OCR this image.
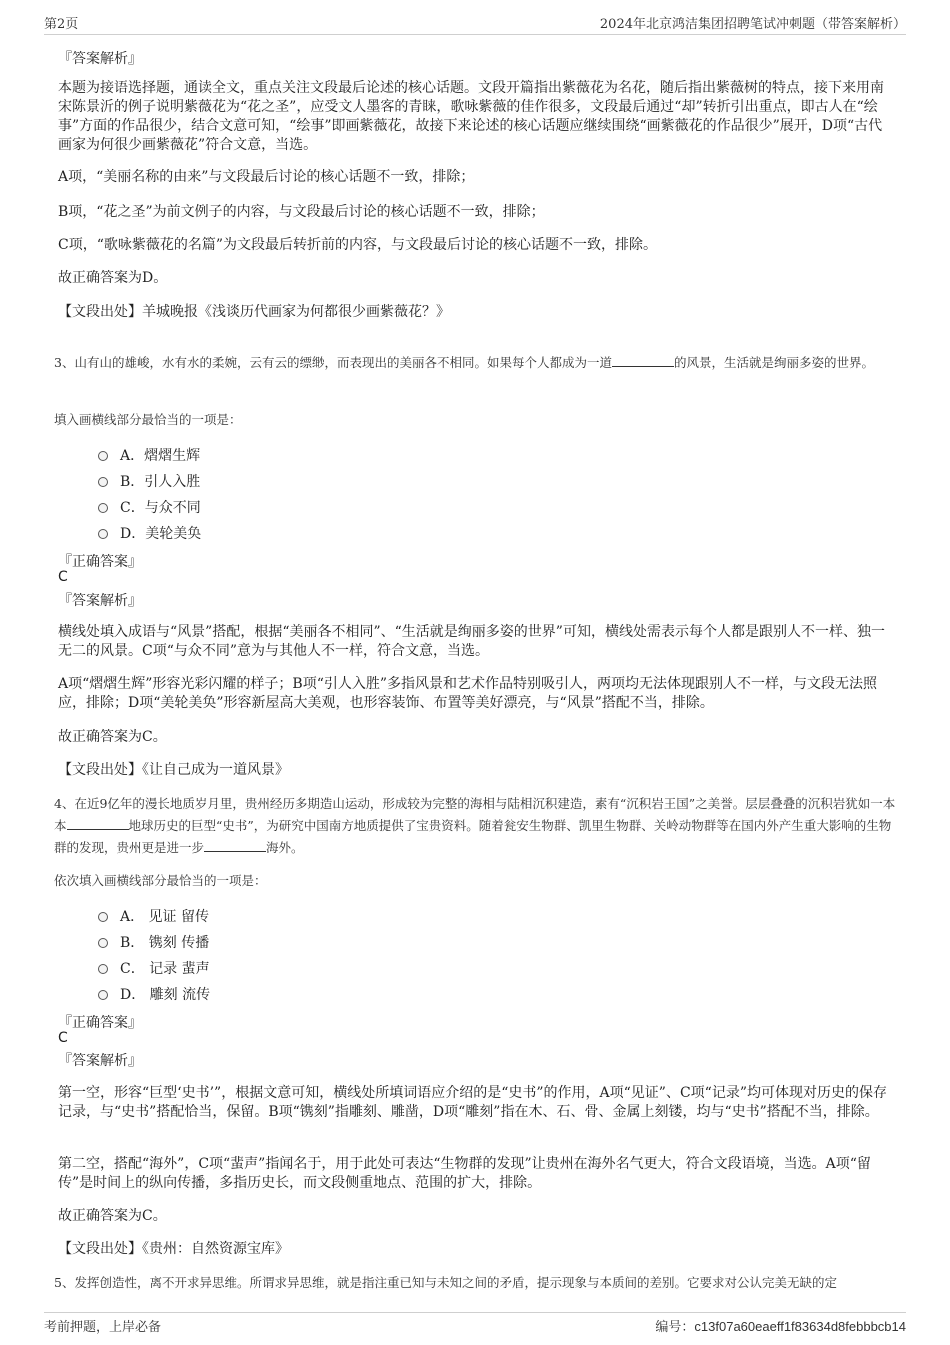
第2页	2024年北京鸿洁集团招聘笔试冲刺题（带答案解析）
『答案解析』
本题为接语选择题，通读全文，重点关注文段最后论述的核心话题。文段开篇指出紫薇花为名花，随后指出紫薇树的特点，接下来用南宋陈景沂的例子说明紫薇花为“花之圣”，应受文人墨客的青睐，歌咏紫薇的佳作很多，文段最后通过“却”转折引出重点，即古人在“绘事”方面的作品很少，结合文意可知，“绘事”即画紫薇花，故接下来论述的核心话题应继续围绕“画紫薇花的作品很少”展开，D项“古代画家为何很少画紫薇花”符合文意，当选。
A项，“美丽名称的由来”与文段最后讨论的核心话题不一致，排除；
B项，“花之圣”为前文例子的内容，与文段最后讨论的核心话题不一致，排除；
C项，“歌咏紫薇花的名篇”为文段最后转折前的内容，与文段最后讨论的核心话题不一致，排除。
故正确答案为D。
【文段出处】羊城晚报《浅谈历代画家为何都很少画紫薇花？》
3、山有山的雄峻，水有水的柔婉，云有云的缥缈，而表现出的美丽各不相同。如果每个人都成为一道	的风景，生活就是绚丽多姿的世界。
填入画横线部分最恰当的一项是：
A．熠熠生辉
B．引人入胜
C．与众不同
D．美轮美奂
『正确答案』
C
『答案解析』
横线处填入成语与“风景”搭配，根据“美丽各不相同”、“生活就是绚丽多姿的世界”可知，横线处需表示每个人都是跟别人不一样、独一无二的风景。C项“与众不同”意为与其他人不一样，符合文意，当选。
A项“熠熠生辉”形容光彩闪耀的样子；B项“引人入胜”多指风景和艺术作品特别吸引人，两项均无法体现跟别人不一样，与文段无法照应，排除；D项“美轮美奂”形容新屋高大美观，也形容装饰、布置等美好漂亮，与“风景”搭配不当，排除。
故正确答案为C。
【文段出处】《让自己成为一道风景》
4、在近9亿年的漫长地质岁月里，贵州经历多期造山运动，形成较为完整的海相与陆相沉积建造，素有“沉积岩王国”之美誉。层层叠叠的沉积岩犹如一本本	地球历史的巨型“史书”，为研究中国南方地质提供了宝贵资料。随着瓮安生物群、凯里生物群、关岭动物群等在国内外产生重大影响的生物群的发现，贵州更是进一步	海外。
依次填入画横线部分最恰当的一项是：
A． 见证 留传
B． 镌刻 传播
C． 记录 蜚声
D． 雕刻 流传
『正确答案』
C
『答案解析』
第一空，形容“巨型‘史书’”，根据文意可知，横线处所填词语应介绍的是“史书”的作用，A项“见证”、C项“记录”均可体现对历史的保存记录，与“史书”搭配恰当，保留。B项“镌刻”指雕刻、雕凿，D项“雕刻”指在木、石、骨、金属上刻镂，均与“史书”搭配不当，排除。
第二空，搭配“海外”，C项“蜚声”指闻名于，用于此处可表达“生物群的发现”让贵州在海外名气更大，符合文段语境，当选。A项“留传”是时间上的纵向传播，多指历史长，而文段侧重地点、范围的扩大，排除。
故正确答案为C。
【文段出处】《贵州：自然资源宝库》
5、发挥创造性，离不开求异思维。所谓求异思维，就是指注重已知与未知之间的矛盾，提示现象与本质间的差别。它要求对公认完美无缺的定
考前押题，上岸必备	编号：c13f07a60eaeff1f83634d8febbbcb14
